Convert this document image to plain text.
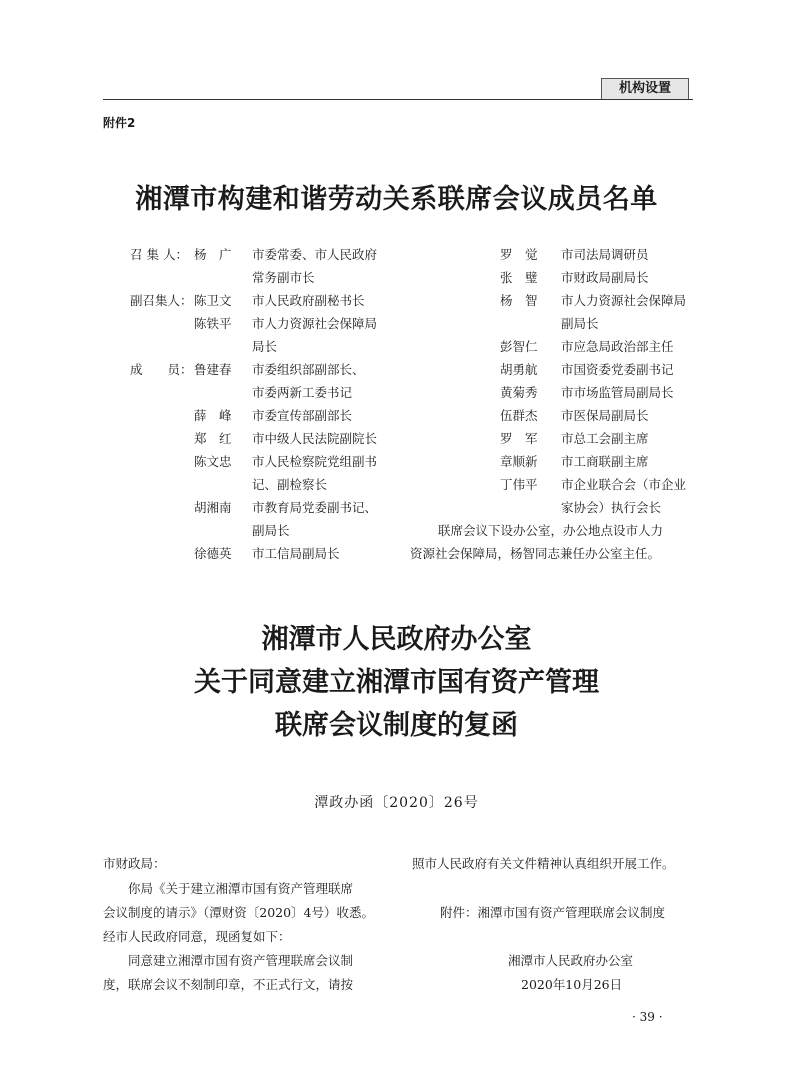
机构设置
附件2
湘潭市构建和谐劳动关系联席会议成员名单
召 集 人： 杨　广	市委常委、市人民政府
常务副市长
副召集人： 陈卫文	市人民政府副秘书长
陈铁平	市人力资源社会保障局
局长
成　　员： 鲁建春	市委组织部副部长、
市委两新工委书记
薛　峰	市委宣传部副部长
郑　红	市中级人民法院副院长
陈文忠	市人民检察院党组副书
记、副检察长
胡湘南	市教育局党委副书记、
副局长
徐德英	市工信局副局长
罗　觉	市司法局调研员
张　璧	市财政局副局长
杨　智	市人力资源社会保障局
副局长
彭智仁	市应急局政治部主任
胡勇航	市国资委党委副书记
黄菊秀	市市场监管局副局长
伍群杰	市医保局副局长
罗　军	市总工会副主席
章顺新	市工商联副主席
丁伟平	市企业联合会（市企业
家协会）执行会长
联席会议下设办公室，办公地点设市人力
资源社会保障局，杨智同志兼任办公室主任。
湘潭市人民政府办公室
关于同意建立湘潭市国有资产管理
联席会议制度的复函
潭政办函〔2020〕26号
市财政局：
你局《关于建立湘潭市国有资产管理联席
会议制度的请示》（潭财资〔2020〕4号）收悉。
经市人民政府同意，现函复如下：
同意建立湘潭市国有资产管理联席会议制
度，联席会议不刻制印章，不正式行文，请按
照市人民政府有关文件精神认真组织开展工作。
附件：湘潭市国有资产管理联席会议制度
湘潭市人民政府办公室
2020年10月26日
· 39 ·
